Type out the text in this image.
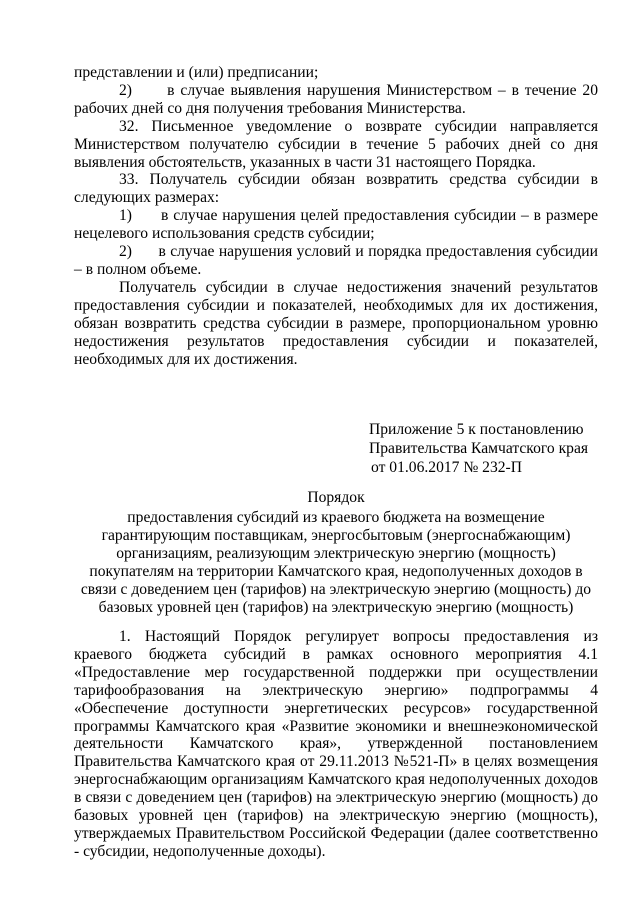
представлении и (или) предписании;

2)      в случае выявления нарушения Министерством – в течение 20 рабочих дней со дня получения требования Министерства.

32. Письменное уведомление о возврате субсидии направляется Министерством получателю субсидии в течение 5 рабочих дней со дня выявления обстоятельств, указанных в части 31 настоящего Порядка.

33. Получатель субсидии обязан возвратить средства субсидии в следующих размерах:

1)      в случае нарушения целей предоставления субсидии – в размере нецелевого использования средств субсидии;

2)      в случае нарушения условий и порядка предоставления субсидии – в полном объеме.

Получатель субсидии в случае недостижения значений результатов предоставления субсидии и показателей, необходимых для их достижения, обязан возвратить средства субсидии в размере, пропорциональном уровню недостижения результатов предоставления субсидии и показателей, необходимых для их достижения.

Приложение 5 к постановлению
Правительства Камчатского края
от 01.06.2017 № 232-П
Порядок
предоставления субсидий из краевого бюджета на возмещение гарантирующим поставщикам, энергосбытовым (энергоснабжающим) организациям, реализующим электрическую энергию (мощность) покупателям на территории Камчатского края, недополученных доходов в связи с доведением цен (тарифов) на электрическую энергию (мощность) до базовых уровней цен (тарифов) на электрическую энергию (мощность)

1. Настоящий Порядок регулирует вопросы предоставления из краевого бюджета субсидий в рамках основного мероприятия 4.1 «Предоставление мер государственной поддержки при осуществлении тарифообразования на электрическую энергию» подпрограммы 4 «Обеспечение доступности энергетических ресурсов» государственной программы Камчатского края «Развитие экономики и внешнеэкономической деятельности Камчатского края», утвержденной постановлением Правительства Камчатского края от 29.11.2013 №521-П» в целях возмещения энергоснабжающим организациям Камчатского края недополученных доходов в связи с доведением цен (тарифов) на электрическую энергию (мощность) до базовых уровней цен (тарифов) на электрическую энергию (мощность), утверждаемых Правительством Российской Федерации (далее соответственно - субсидии, недополученные доходы).
